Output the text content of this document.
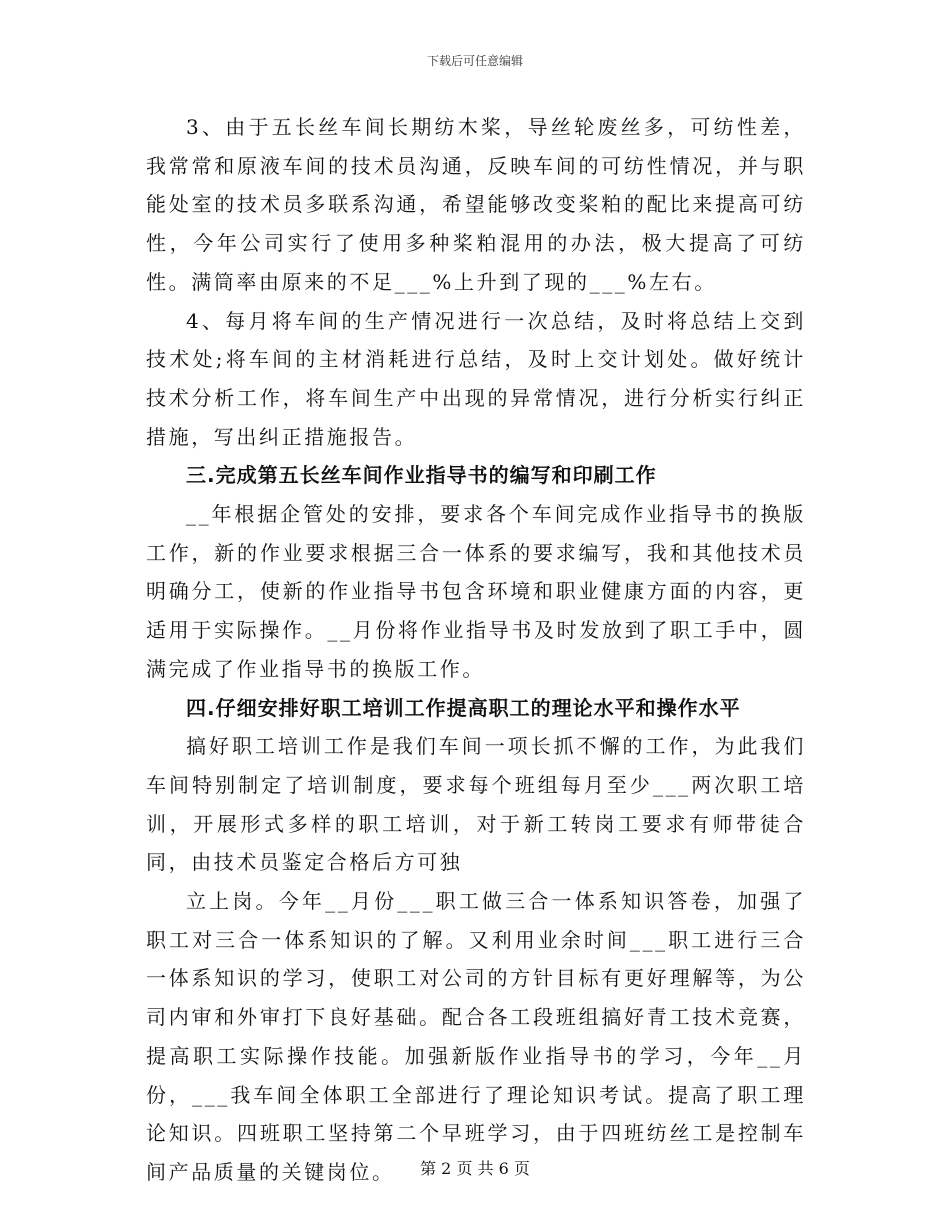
下载后可任意编辑

3、由于五长丝车间长期纺木桨，导丝轮废丝多，可纺性差，我常常和原液车间的技术员沟通，反映车间的可纺性情况，并与职能处室的技术员多联系沟通，希望能够改变桨粕的配比来提高可纺性，今年公司实行了使用多种桨粕混用的办法，极大提高了可纺性。满筒率由原来的不足___%上升到了现的___%左右。

4、每月将车间的生产情况进行一次总结，及时将总结上交到技术处;将车间的主材消耗进行总结，及时上交计划处。做好统计技术分析工作，将车间生产中出现的异常情况，进行分析实行纠正措施，写出纠正措施报告。

三.完成第五长丝车间作业指导书的编写和印刷工作

__年根据企管处的安排，要求各个车间完成作业指导书的换版工作，新的作业要求根据三合一体系的要求编写，我和其他技术员明确分工，使新的作业指导书包含环境和职业健康方面的内容，更适用于实际操作。__月份将作业指导书及时发放到了职工手中，圆满完成了作业指导书的换版工作。

四.仔细安排好职工培训工作提高职工的理论水平和操作水平

搞好职工培训工作是我们车间一项长抓不懈的工作，为此我们车间特别制定了培训制度，要求每个班组每月至少___两次职工培训，开展形式多样的职工培训，对于新工转岗工要求有师带徒合同，由技术员鉴定合格后方可独

立上岗。今年__月份___职工做三合一体系知识答卷，加强了职工对三合一体系知识的了解。又利用业余时间___职工进行三合一体系知识的学习，使职工对公司的方针目标有更好理解等，为公司内审和外审打下良好基础。配合各工段班组搞好青工技术竞赛，提高职工实际操作技能。加强新版作业指导书的学习，今年__月份，___我车间全体职工全部进行了理论知识考试。提高了职工理论知识。四班职工坚持第二个早班学习，由于四班纺丝工是控制车间产品质量的关键岗位。	第 2 页 共 6 页
